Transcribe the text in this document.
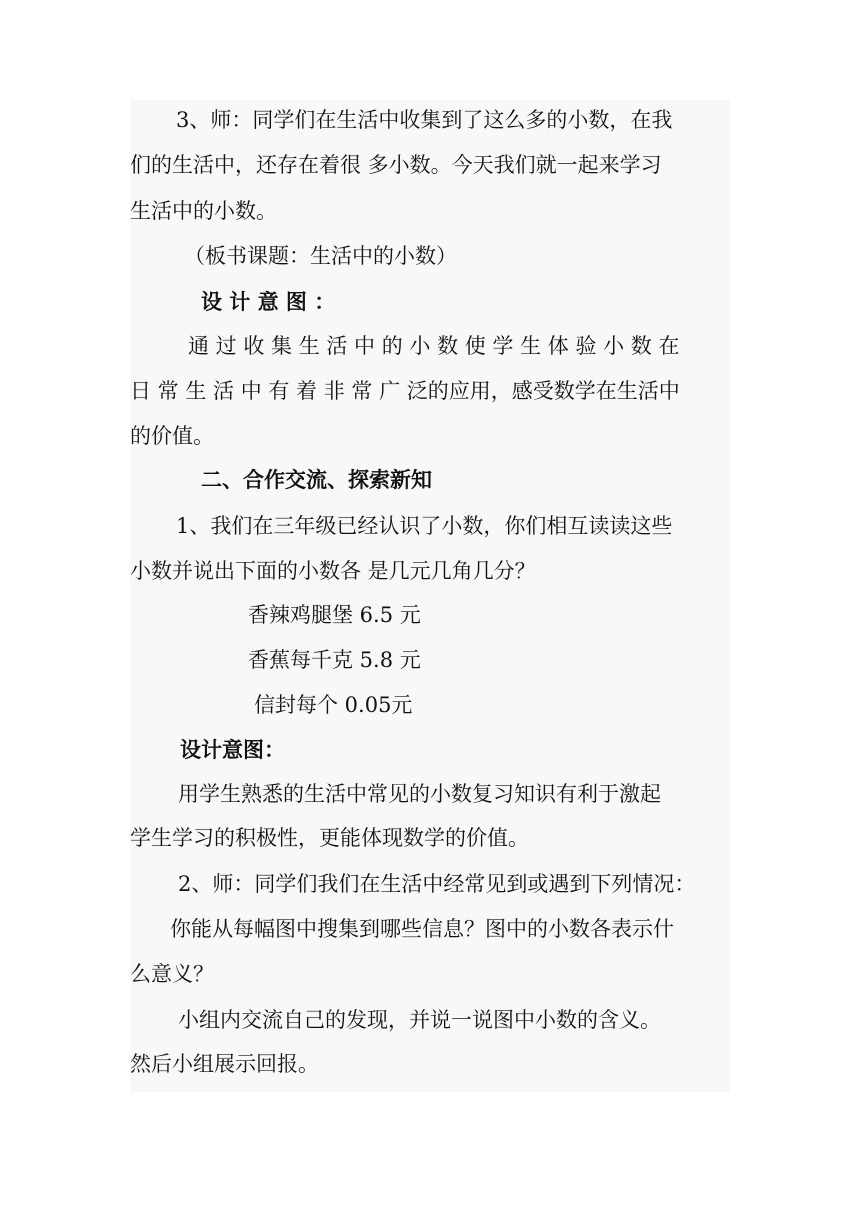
3、师：同学们在生活中收集到了这么多的小数，在我
们的生活中，还存在着很 多小数。今天我们就一起来学习
生活中的小数。
（板书课题：生活中的小数）
设 计 意 图 ：
通 过 收 集 生 活 中 的 小 数 使 学 生 体 验 小 数 在
日 常 生 活 中 有 着 非 常 广 泛的应用，感受数学在生活中
的价值。
二、合作交流、探索新知
1、我们在三年级已经认识了小数，你们相互读读这些
小数并说出下面的小数各 是几元几角几分？
香辣鸡腿堡 6.5 元
香蕉每千克 5.8 元
信封每个 0.05元
设计意图：
用学生熟悉的生活中常见的小数复习知识有利于激起
学生学习的积极性，更能体现数学的价值。
2、师：同学们我们在生活中经常见到或遇到下列情况：
你能从每幅图中搜集到哪些信息？图中的小数各表示什
么意义？
小组内交流自己的发现，并说一说图中小数的含义。
然后小组展示回报。
